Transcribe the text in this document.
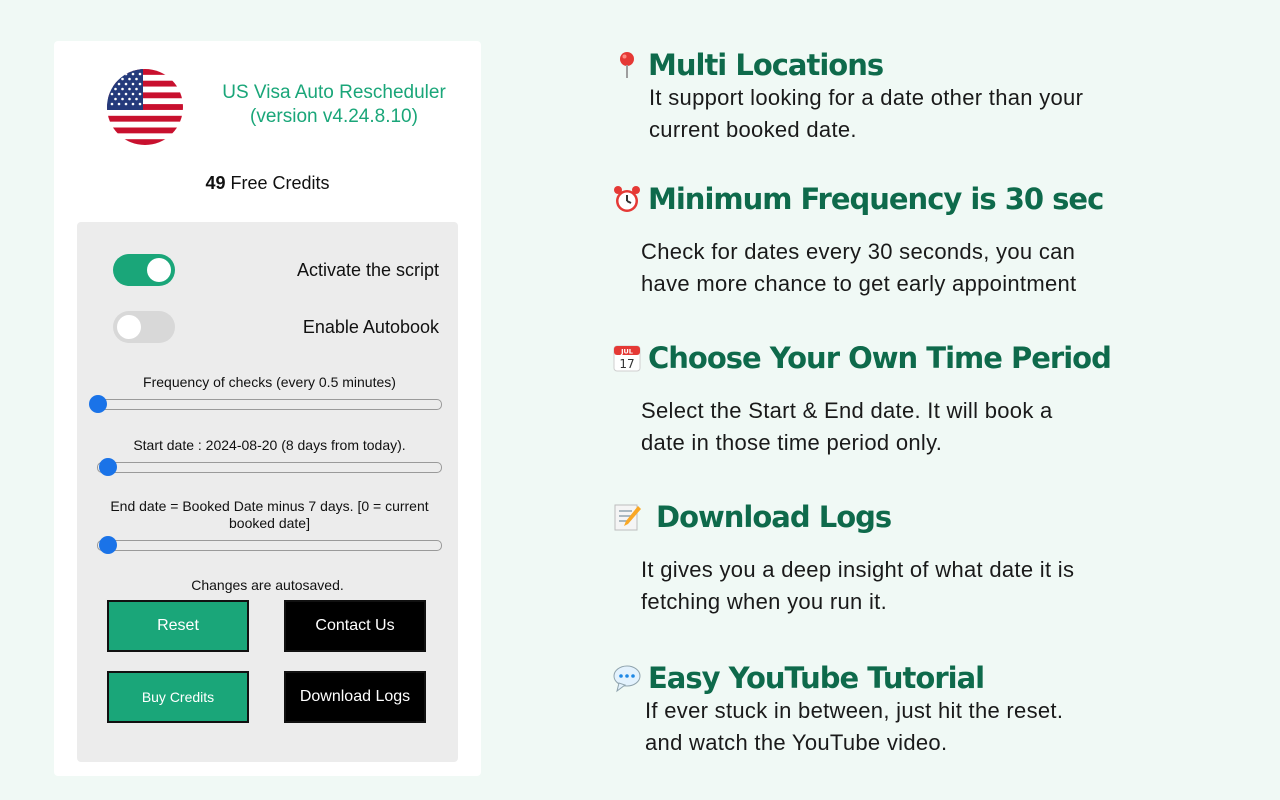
US Visa Auto Rescheduler
(version v4.24.8.10)
49 Free Credits
Activate the script
Enable Autobook
Frequency of checks (every 0.5 minutes)
Start date : 2024-08-20 (8 days from today).
End date = Booked Date minus 7 days. [0 = current booked date]
Changes are autosaved.
Reset	Contact Us
Buy Credits	Download Logs
Multi Locations
It support looking for a date other than your
current booked date.
Minimum Frequency is 30 sec
Check for dates every 30 seconds, you can
have more chance to get early appointment
JUL
17 Choose Your Own Time Period
Select the Start & End date. It will book a
date in those time period only.
Download Logs
It gives you a deep insight of what date it is
fetching when you run it.
Easy YouTube Tutorial
If ever stuck in between, just hit the reset.
and watch the YouTube video.
